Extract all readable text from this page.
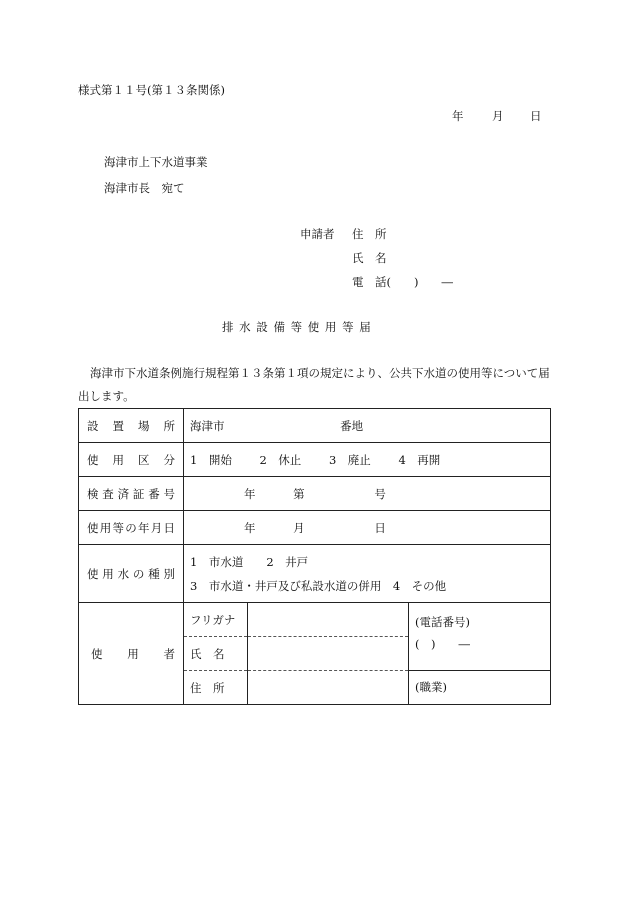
様式第１１号(第１３条関係)
年 月 日
海津市上下水道事業
海津市長　宛て
申請者 住　所
氏　名
電　話(　　)　　―
排 水 設 備 等 使 用 等 届
海津市下水道条例施行規程第１３条第１項の規定により、公共下水道の使用等について届出します。
設置場所	海津市 番地		
使用区分	1　開始 2　休止 3　廃止 4　再開		
検査済証番号	年 第 号		
使用等の年月日	年 月 日		
使用水の種別	1　市水道　　2　井戸
3　市水道・井戸及び私設水道の併用　4　その他		

使用者	フリガナ		(電話番号)
(　)　　―

	氏　名		
	住　所		(職業)
